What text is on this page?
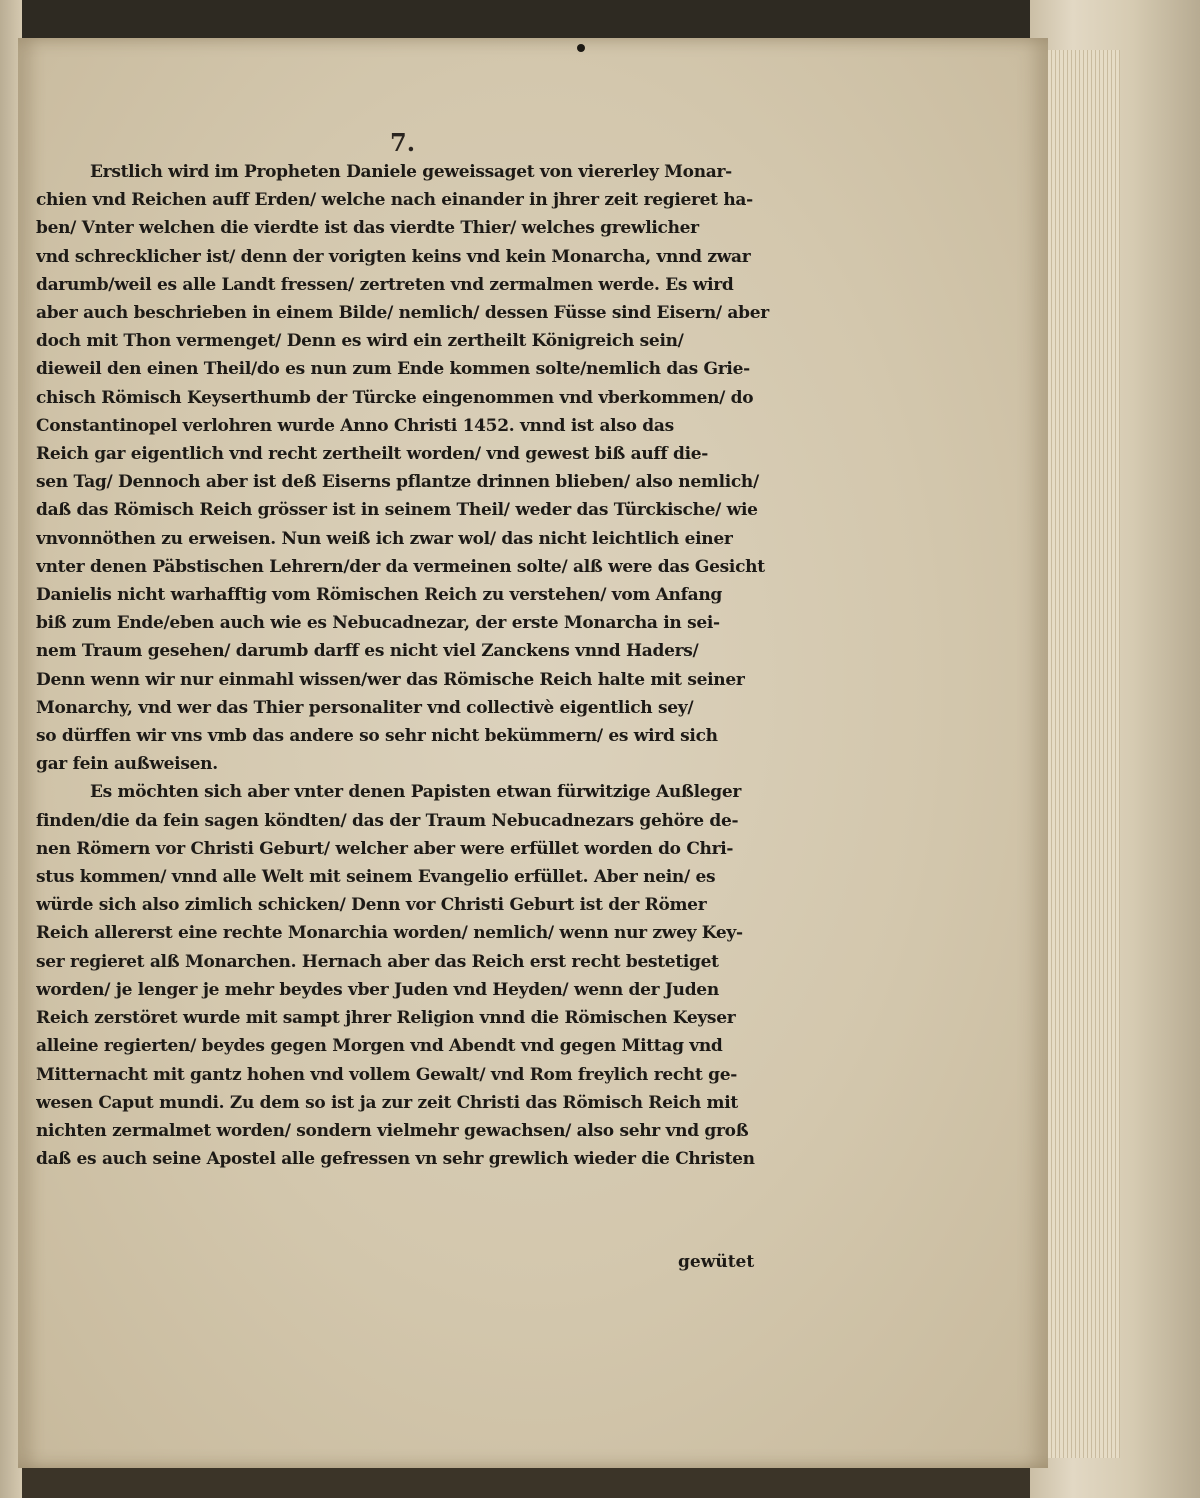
7.
Erstlich wird im Propheten Daniele geweissaget von viererley Monar-
chien vnd Reichen auff Erden/ welche nach einander in jhrer zeit regieret ha-
ben/ Vnter welchen die vierdte ist das vierdte Thier/ welches grewlicher
vnd schrecklicher ist/ denn der vorigten keins vnd kein Monarcha, vnnd zwar
darumb/weil es alle Landt fressen/ zertreten vnd zermalmen werde. Es wird
aber auch beschrieben in einem Bilde/ nemlich/ dessen Füsse sind Eisern/ aber
doch mit Thon vermenget/ Denn es wird ein zertheilt Königreich sein/
dieweil den einen Theil/do es nun zum Ende kommen solte/nemlich das Grie-
chisch Römisch Keyserthumb der Türcke eingenommen vnd vberkommen/ do
Constantinopel verlohren wurde Anno Christi 1452. vnnd ist also das
Reich gar eigentlich vnd recht zertheilt worden/ vnd gewest biß auff die-
sen Tag/ Dennoch aber ist deß Eiserns pflantze drinnen blieben/ also nemlich/
daß das Römisch Reich grösser ist in seinem Theil/ weder das Türckische/ wie
vnvonnöthen zu erweisen. Nun weiß ich zwar wol/ das nicht leichtlich einer
vnter denen Päbstischen Lehrern/der da vermeinen solte/ alß were das Gesicht
Danielis nicht warhafftig vom Römischen Reich zu verstehen/ vom Anfang
biß zum Ende/eben auch wie es Nebucadnezar, der erste Monarcha in sei-
nem Traum gesehen/ darumb darff es nicht viel Zanckens vnnd Haders/
Denn wenn wir nur einmahl wissen/wer das Römische Reich halte mit seiner
Monarchy, vnd wer das Thier personaliter vnd collectivè eigentlich sey/
so dürffen wir vns vmb das andere so sehr nicht bekümmern/ es wird sich
gar fein außweisen.
Es möchten sich aber vnter denen Papisten etwan fürwitzige Außleger
finden/die da fein sagen köndten/ das der Traum Nebucadnezars gehöre de-
nen Römern vor Christi Geburt/ welcher aber were erfüllet worden do Chri-
stus kommen/ vnnd alle Welt mit seinem Evangelio erfüllet. Aber nein/ es
würde sich also zimlich schicken/ Denn vor Christi Geburt ist der Römer
Reich allererst eine rechte Monarchia worden/ nemlich/ wenn nur zwey Key-
ser regieret alß Monarchen. Hernach aber das Reich erst recht bestetiget
worden/ je lenger je mehr beydes vber Juden vnd Heyden/ wenn der Juden
Reich zerstöret wurde mit sampt jhrer Religion vnnd die Römischen Keyser
alleine regierten/ beydes gegen Morgen vnd Abendt vnd gegen Mittag vnd
Mitternacht mit gantz hohen vnd vollem Gewalt/ vnd Rom freylich recht ge-
wesen Caput mundi. Zu dem so ist ja zur zeit Christi das Römisch Reich mit
nichten zermalmet worden/ sondern vielmehr gewachsen/ also sehr vnd groß
daß es auch seine Apostel alle gefressen vn sehr grewlich wieder die Christen
gewütet
